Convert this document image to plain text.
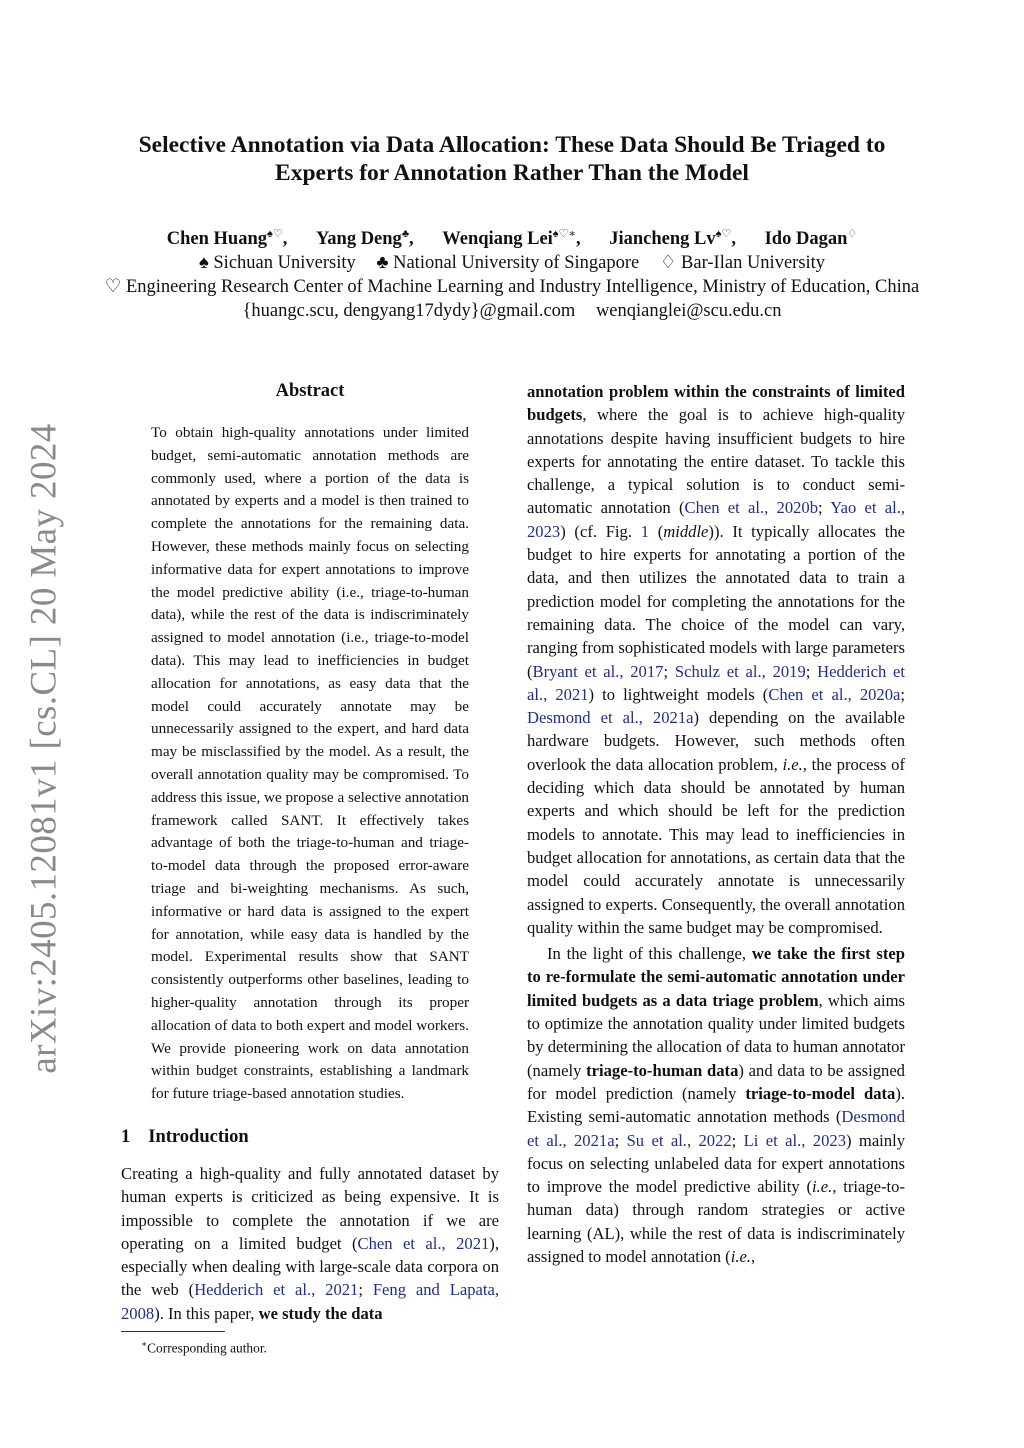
arXiv:2405.12081v1 [cs.CL] 20 May 2024
Selective Annotation via Data Allocation: These Data Should Be Triaged to
Experts for Annotation Rather Than the Model
Chen Huang♠♡, Yang Deng♣, Wenqiang Lei♠♡∗, Jiancheng Lv♠♡, Ido Dagan♢
♠ Sichuan University ♣ National University of Singapore ♢ Bar-Ilan University
♡ Engineering Research Center of Machine Learning and Industry Intelligence, Ministry of Education, China
{huangc.scu, dengyang17dydy}@gmail.com wenqianglei@scu.edu.cn
Abstract

To obtain high-quality annotations under limited budget, semi-automatic annotation methods are commonly used, where a portion of the data is annotated by experts and a model is then trained to complete the annotations for the remaining data. However, these methods mainly focus on selecting informative data for expert annotations to improve the model predictive ability (i.e., triage-to-human data), while the rest of the data is indiscriminately assigned to model annotation (i.e., triage-to-model data). This may lead to inefficiencies in budget allocation for annotations, as easy data that the model could accurately annotate may be unnecessarily assigned to the expert, and hard data may be misclassified by the model. As a result, the overall annotation quality may be compromised. To address this issue, we propose a selective annotation framework called SANT. It effectively takes advantage of both the triage-to-human and triage-to-model data through the proposed error-aware triage and bi-weighting mechanisms. As such, informative or hard data is assigned to the expert for annotation, while easy data is handled by the model. Experimental results show that SANT consistently outperforms other baselines, leading to higher-quality annotation through its proper allocation of data to both expert and model workers. We provide pioneering work on data annotation within budget constraints, establishing a landmark for future triage-based annotation studies.

1 Introduction

Creating a high-quality and fully annotated dataset by human experts is criticized as being expensive. It is impossible to complete the annotation if we are operating on a limited budget (Chen et al., 2021), especially when dealing with large-scale data corpora on the web (Hedderich et al., 2021; Feng and Lapata, 2008). In this paper, we study the data

∗Corresponding author.

annotation problem within the constraints of limited budgets, where the goal is to achieve high-quality annotations despite having insufficient budgets to hire experts for annotating the entire dataset. To tackle this challenge, a typical solution is to conduct semi-automatic annotation (Chen et al., 2020b; Yao et al., 2023) (cf. Fig. 1 (middle)). It typically allocates the budget to hire experts for annotating a portion of the data, and then utilizes the annotated data to train a prediction model for completing the annotations for the remaining data. The choice of the model can vary, ranging from sophisticated models with large parameters (Bryant et al., 2017; Schulz et al., 2019; Hedderich et al., 2021) to lightweight models (Chen et al., 2020a; Desmond et al., 2021a) depending on the available hardware budgets. However, such methods often overlook the data allocation problem, i.e., the process of deciding which data should be annotated by human experts and which should be left for the prediction models to annotate. This may lead to inefficiencies in budget allocation for annotations, as certain data that the model could accurately annotate is unnecessarily assigned to experts. Consequently, the overall annotation quality within the same budget may be compromised.

In the light of this challenge, we take the first step to re-formulate the semi-automatic annotation under limited budgets as a data triage problem, which aims to optimize the annotation quality under limited budgets by determining the allocation of data to human annotator (namely triage-to-human data) and data to be assigned for model prediction (namely triage-to-model data). Existing semi-automatic annotation methods (Desmond et al., 2021a; Su et al., 2022; Li et al., 2023) mainly focus on selecting unlabeled data for expert annotations to improve the model predictive ability (i.e., triage-to-human data) through random strategies or active learning (AL), while the rest of data is indiscriminately assigned to model annotation (i.e.,
